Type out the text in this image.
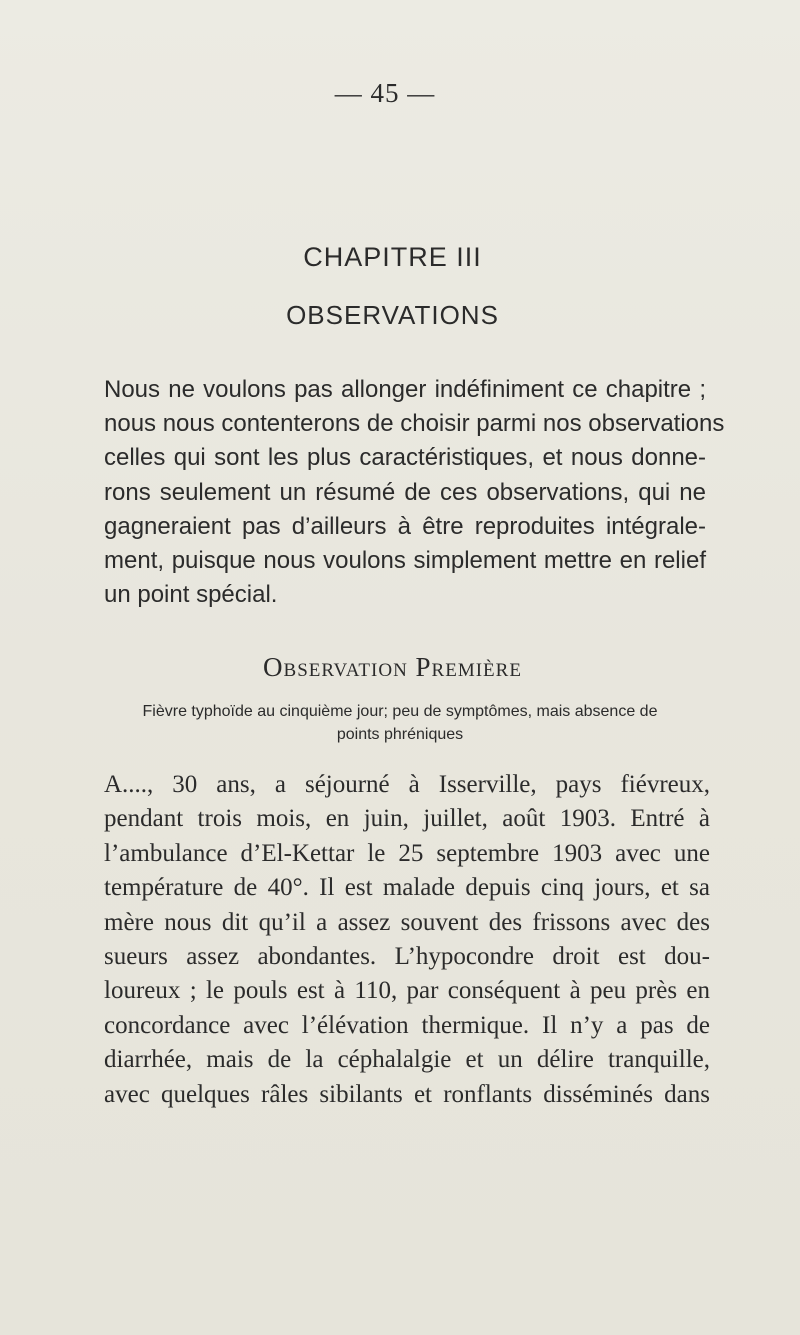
— 45 —
CHAPITRE III
OBSERVATIONS
Nous ne voulons pas allonger indéfiniment ce chapitre ;
nous nous contenterons de choisir parmi nos observations
celles qui sont les plus caractéristiques, et nous donne-
rons seulement un résumé de ces observations, qui ne
gagneraient pas d’ailleurs à être reproduites intégrale-
ment, puisque nous voulons simplement mettre en relief
un point spécial.
Observation Première
Fièvre typhoïde au cinquième jour; peu de symptômes, mais absence de points phréniques
A...., 30 ans, a séjourné à Isserville, pays fiévreux,
pendant trois mois, en juin, juillet, août 1903. Entré à
l’ambulance d’El-Kettar le 25 septembre 1903 avec une
température de 40°. Il est malade depuis cinq jours, et sa
mère nous dit qu’il a assez souvent des frissons avec des
sueurs assez abondantes. L’hypocondre droit est dou-
loureux ; le pouls est à 110, par conséquent à peu près en
concordance avec l’élévation thermique. Il n’y a pas de
diarrhée, mais de la céphalalgie et un délire tranquille,
avec quelques râles sibilants et ronflants disséminés dans
